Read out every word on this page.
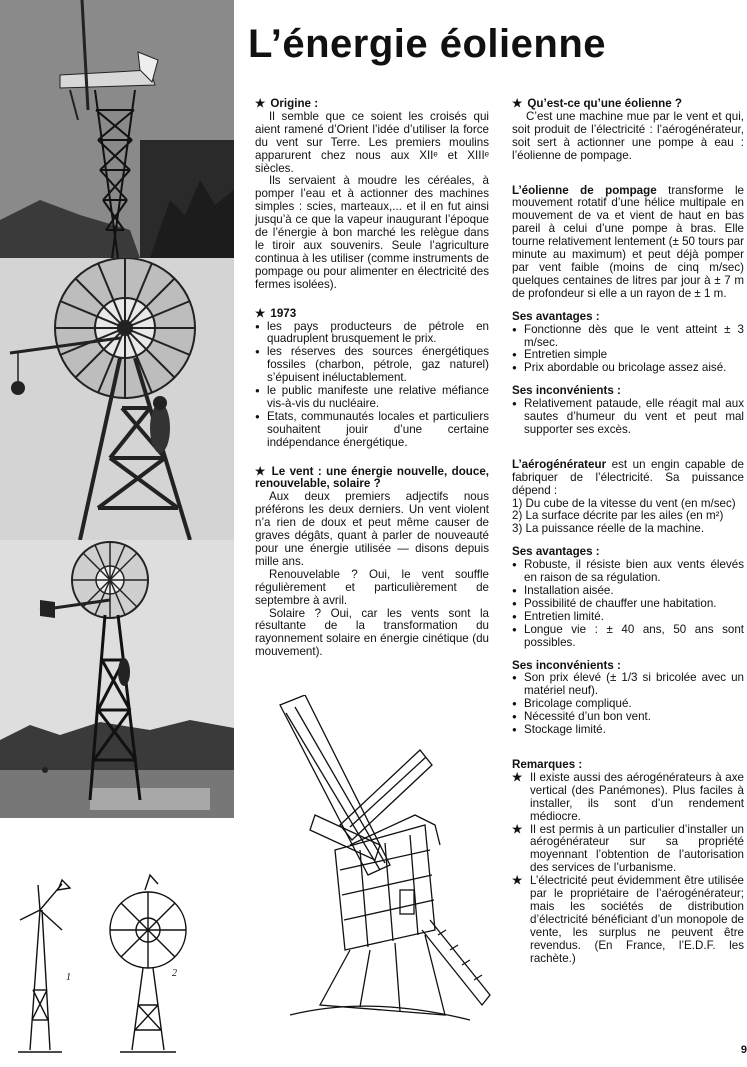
1	2
L’énergie éolienne

★ Origine :

Il semble que ce soient les croisés qui aient ramené d’Orient l’idée d’utiliser la force du vent sur Terre. Les premiers moulins apparurent chez nous aux XIIᵉ et XIIIᵉ siècles.

Ils servaient à moudre les céréales, à pomper l’eau et à actionner des machines simples : scies, marteaux,... et il en fut ainsi jusqu’à ce que la vapeur inaugurant l’époque de l’énergie à bon marché les relègue dans le tiroir aux souvenirs. Seule l’agriculture continua à les utiliser (comme instruments de pompage ou pour alimenter en électricité des fermes isolées).

★ 1973

● les pays producteurs de pétrole en quadruplent brusquement le prix.
● les réserves des sources énergétiques fossiles (charbon, pétrole, gaz naturel) s’épuisent inéluctablement.
● le public manifeste une relative méfiance vis-à-vis du nucléaire.
● Etats, communautés locales et particuliers souhaitent jouir d’une certaine indépendance énergétique.

★ Le vent : une énergie nouvelle, douce, renouvelable, solaire ?

Aux deux premiers adjectifs nous préférons les deux derniers. Un vent violent n’a rien de doux et peut même causer de graves dégâts, quant à parler de nouveauté pour une énergie utilisée — disons depuis mille ans.

Renouvelable ? Oui, le vent souffle régulièrement et particulièrement de septembre à avril.

Solaire ? Oui, car les vents sont la résultante de la transformation du rayonnement solaire en énergie cinétique (du mouvement).

★ Qu’est-ce qu’une éolienne ?

C’est une machine mue par le vent et qui, soit produit de l’électricité : l’aérogénérateur, soit sert à actionner une pompe à eau : l’éolienne de pompage.

L’éolienne de pompage transforme le mouvement rotatif d’une hélice multipale en mouvement de va et vient de haut en bas pareil à celui d’une pompe à bras. Elle tourne relativement lentement (± 50 tours par minute au maximum) et peut déjà pomper par vent faible (moins de cinq m/sec) quelques centaines de litres par jour à ± 7 m de profondeur si elle a un rayon de ± 1 m.

Ses avantages :

● Fonctionne dès que le vent atteint ± 3 m/sec.
● Entretien simple
● Prix abordable ou bricolage assez aisé.

Ses inconvénients :

● Relativement pataude, elle réagit mal aux sautes d’humeur du vent et peut mal supporter ses excès.

L’aérogénérateur est un engin capable de fabriquer de l’électricité. Sa puissance dépend :

1) Du cube de la vitesse du vent (en m/sec)

2) La surface décrite par les ailes (en m²)

3) La puissance réelle de la machine.

Ses avantages :

● Robuste, il résiste bien aux vents élevés en raison de sa régulation.
● Installation aisée.
● Possibilité de chauffer une habitation.
● Entretien limité.
● Longue vie : ± 40 ans, 50 ans sont possibles.

Ses inconvénients :

● Son prix élevé (± 1/3 si bricolée avec un matériel neuf).
● Bricolage compliqué.
● Nécessité d’un bon vent.
● Stockage limité.

Remarques :

★ Il existe aussi des aérogénérateurs à axe vertical (des Panémones). Plus faciles à installer, ils sont d’un rendement médiocre.
★ Il est permis à un particulier d’installer un aérogénérateur sur sa propriété moyennant l’obtention de l’autorisation des services de l’urbanisme.
★ L’électricité peut évidemment être utilisée par le propriétaire de l’aérogénérateur; mais les sociétés de distribution d’électricité bénéficiant d’un monopole de vente, les surplus ne peuvent être revendus. (En France, l’E.D.F. les rachète.)
9
